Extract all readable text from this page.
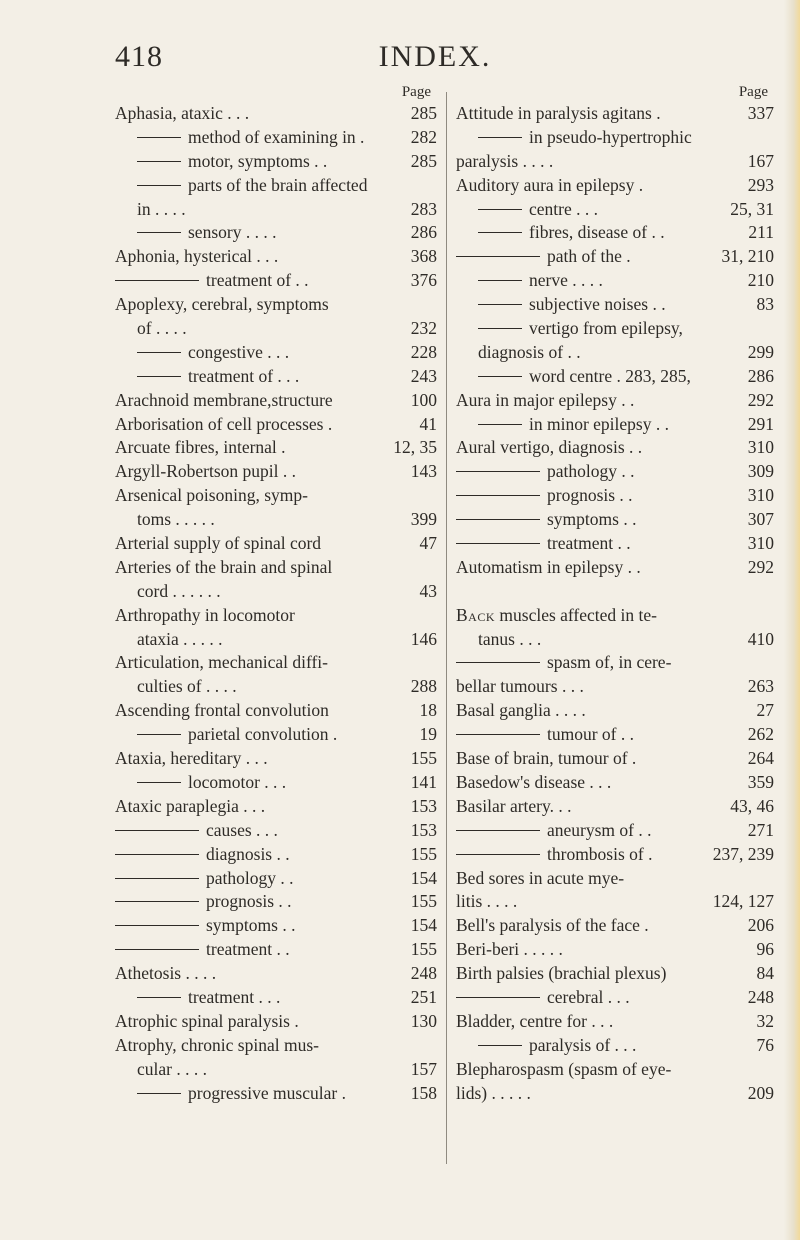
418	INDEX.
Page
Aphasia, ataxic . . .	285
method of examining in .	282
motor, symptoms . .	285
parts of the brain affected
in . . . .	283
sensory . . . .	286
Aphonia, hysterical . . .	368
treatment of . .	376
Apoplexy, cerebral, symptoms
of . . . .	232
congestive . . .	228
treatment of . . .	243
Arachnoid membrane,structure	100
Arborisation of cell processes .	41
Arcuate fibres, internal .	12, 35
Argyll-Robertson pupil . .	143
Arsenical poisoning, symp-
toms . . . . .	399
Arterial supply of spinal cord	47
Arteries of the brain and spinal
cord . . . . . .	43
Arthropathy in locomotor
ataxia . . . . .	146
Articulation, mechanical diffi-
culties of . . . .	288
Ascending frontal convolution	18
parietal convolution .	19
Ataxia, hereditary . . .	155
locomotor . . .	141
Ataxic paraplegia . . .	153
causes . . .	153
diagnosis . .	155
pathology . .	154
prognosis . .	155
symptoms . .	154
treatment . .	155
Athetosis . . . .	248
treatment . . .	251
Atrophic spinal paralysis .	130
Atrophy, chronic spinal mus-
cular . . . .	157
progressive muscular .	158
Page
Attitude in paralysis agitans .	337
in pseudo-hypertrophic
paralysis . . . .	167
Auditory aura in epilepsy .	293
centre . . .	25, 31
fibres, disease of . .	211
path of the .	31, 210
nerve . . . .	210
subjective noises . .	83
vertigo from epilepsy,
diagnosis of . .	299
word centre . 283, 285,	286
Aura in major epilepsy . .	292
in minor epilepsy . .	291
Aural vertigo, diagnosis . .	310
pathology . .	309
prognosis . .	310
symptoms . .	307
treatment . .	310
Automatism in epilepsy . .	292
Back muscles affected in te-
tanus . . .	410
spasm of, in cere-
bellar tumours . . .	263
Basal ganglia . . . .	27
tumour of . .	262
Base of brain, tumour of .	264
Basedow's disease . . .	359
Basilar artery. . .	43, 46
aneurysm of . .	271
thrombosis of .	237, 239
Bed sores in acute mye-
litis . . . .	124, 127
Bell's paralysis of the face .	206
Beri-beri . . . . .	96
Birth palsies (brachial plexus)	84
cerebral . . .	248
Bladder, centre for . . .	32
paralysis of . . .	76
Blepharospasm (spasm of eye-
lids) . . . . .	209
